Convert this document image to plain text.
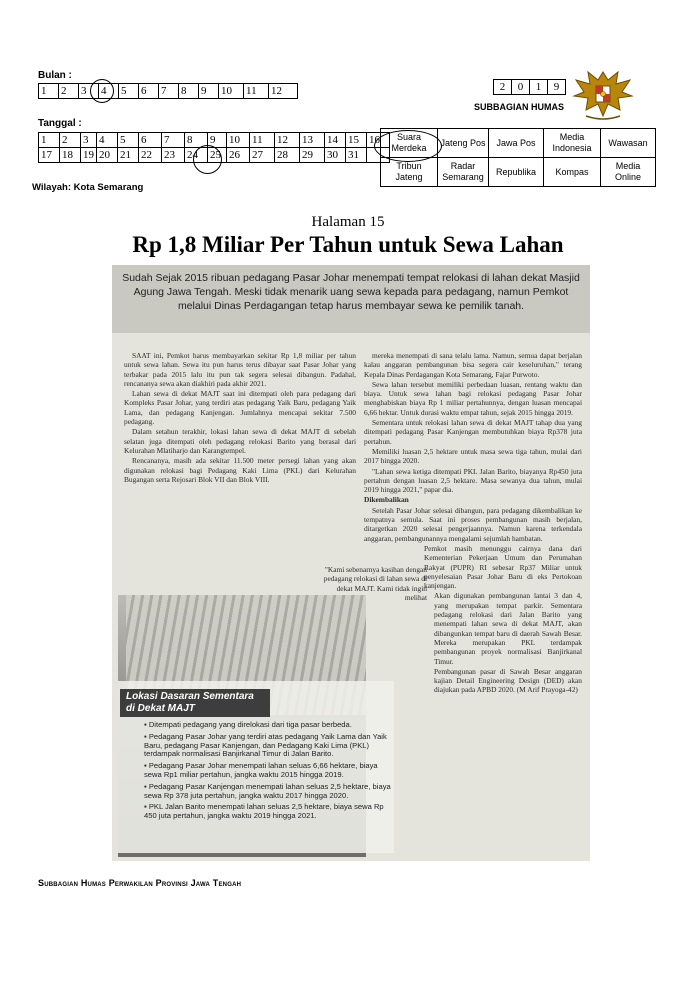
Bulan :
1	2	3	4	5	6	7	8	9	10	11	12	2	0	1	9
SUBBAGIAN HUMAS
Tanggal :
1	2	3	4	5	6	7	8	9	10	11	12	13	14	15	16
17	18	19	20	21	22	23	24	25	26	27	28	29	30	31	
Wilayah: Kota Semarang
Suara Merdeka	Jateng Pos	Jawa Pos	Media Indonesia	Wawasan
Tribun Jateng	Radar Semarang	Republika	Kompas	Media Online
Halaman 15
Rp 1,8 Miliar Per Tahun untuk Sewa Lahan

Sudah Sejak 2015 ribuan pedagang Pasar Johar menempati tempat relokasi di lahan dekat Masjid Agung Jawa Tengah. Meski tidak menarik uang sewa kepada para pedagang, namun Pemkot melalui Dinas Perdagangan tetap harus membayar sewa ke pemilik tanah.

SAAT ini, Pemkot harus membayarkan sekitar Rp 1,8 miliar per tahun untuk sewa lahan. Sewa itu pun harus terus dibayar saat Pasar Johar yang terbakar pada 2015 lalu itu pun tak segera selesai dibangun. Padahal, rencananya sewa akan diakhiri pada akhir 2021.

Lahan sewa di dekat MAJT saat ini ditempati oleh para pedagang dari Kompleks Pasar Johar, yang terdiri atas pedagang Yaik Baru, pedagang Yaik Lama, dan pedagang Kanjengan. Jumlahnya mencapai sekitar 7.500 pedagang.

Dalam setahun terakhir, lokasi lahan sewa di dekat MAJT di sebelah selatan juga ditempati oleh pedagang relokasi Barito yang berasal dari Kelurahan Mlatiharjo dan Karangtempel.

Rencananya, masih ada sekitar 11.500 meter persegi lahan yang akan digunakan relokasi bagi Pedagang Kaki Lima (PKL) dari Kelurahan Bugangan serta Rejosari Blok VII dan Blok VIII.

"Kami sebenarnya kasihan dengan pedagang relokasi di lahan sewa di dekat MAJT. Kami tidak ingin melihat
Lokasi Dasaran Sementara di Dekat MAJT
▪ Ditempati pedagang yang direlokasi dari tiga pasar berbeda.
▪ Pedagang Pasar Johar yang terdiri atas pedagang Yaik Lama dan Yaik Baru, pedagang Pasar Kanjengan, dan Pedagang Kaki Lima (PKL) terdampak normalisasi Banjirkanal Timur di Jalan Barito.
▪ Pedagang Pasar Johar menempati lahan seluas 6,66 hektare, biaya sewa Rp1 miliar pertahun, jangka waktu 2015 hingga 2019.
▪ Pedagang Pasar Kanjengan menempati lahan seluas 2,5 hektare, biaya sewa Rp 378 juta pertahun, jangka waktu 2017 hingga 2020.
▪ PKL Jalan Barito menempati lahan seluas 2,5 hektare, biaya sewa Rp 450 juta pertahun, jangka waktu 2019 hingga 2021.

mereka menempati di sana telalu lama. Namun, semua dapat berjalan kalau anggaran pembangunan bisa segera cair keseluruhan," terang Kepala Dinas Perdagangan Kota Semarang, Fajar Purwoto.

Sewa lahan tersebut memiliki perbedaan luasan, rentang waktu dan biaya. Untuk sewa lahan bagi relokasi pedagang Pasar Johar menghabiskan biaya Rp 1 miliar pertahunnya, dengan luasan mencapai 6,66 hektar. Untuk durasi waktu empat tahun, sejak 2015 hingga 2019.

Sementara untuk relokasi lahan sewa di dekat MAJT tahap dua yang ditempati pedagang Pasar Kanjengan membutuhkan biaya Rp378 juta pertahun.

Memiliki luasan 2,5 hektare untuk masa sewa tiga tahun, mulai dari 2017 hingga 2020.

"Lahan sewa ketiga ditempati PKL Jalan Barito, biayanya Rp450 juta pertahun dengan luasan 2,5 hektare. Masa sewanya dua tahun, mulai 2019 hingga 2021," papar dia.

Dikembalikan

Setelah Pasar Johar selesai dibangun, para pedagang dikembalikan ke tempatnya semula. Saat ini proses pembangunan masih berjalan, ditargetkan 2020 selesai pengerjaannya. Namun karena terkendala anggaran, pembangunannya mengalami sejumlah hambatan.

Pemkot masih menunggu cairnya dana dari Kementerian Pekerjaan Umum dan Perumahan Rakyat (PUPR) RI sebesar Rp37 Miliar untuk penyelesaian Pasar Johar Baru di eks Pertokoan kanjengan.

Akan digunakan pembangunan lantai 3 dan 4, yang merupakan tempat parkir. Sementara pedagang relokasi dari Jalan Barito yang menempati lahan sewa di dekat MAJT, akan dibangunkan tempat baru di daerah Sawah Besar. Mereka merupakan PKL terdampak pembangunan proyek normalisasi Banjirkanal Timur.

Pembangunan pasar di Sawah Besar anggaran kajian Detail Engineering Design (DED) akan diajukan pada APBD 2020. (M Arif Prayoga-42)

Subbagian Humas Perwakilan Provinsi Jawa Tengah
